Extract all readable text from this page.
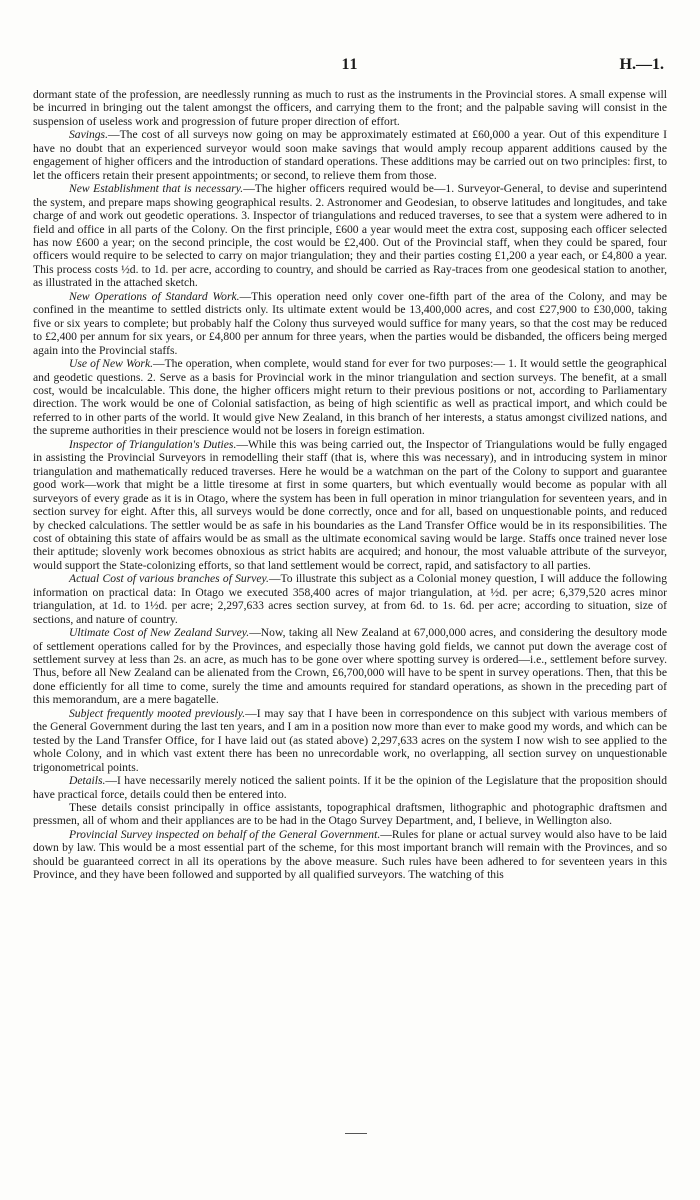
11	H.—1.

dormant state of the profession, are needlessly running as much to rust as the instruments in the Provincial stores. A small expense will be incurred in bringing out the talent amongst the officers, and carrying them to the front; and the palpable saving will consist in the suspension of useless work and progression of future proper direction of effort.

Savings.—The cost of all surveys now going on may be approximately estimated at £60,000 a year. Out of this expenditure I have no doubt that an experienced surveyor would soon make savings that would amply recoup apparent additions caused by the engagement of higher officers and the introduction of standard operations. These additions may be carried out on two principles: first, to let the officers retain their present appointments; or second, to relieve them from those.

New Establishment that is necessary.—The higher officers required would be—1. Surveyor-General, to devise and superintend the system, and prepare maps showing geographical results. 2. Astronomer and Geodesian, to observe latitudes and longitudes, and take charge of and work out geodetic operations. 3. Inspector of triangulations and reduced traverses, to see that a system were adhered to in field and office in all parts of the Colony. On the first principle, £600 a year would meet the extra cost, supposing each officer selected has now £600 a year; on the second principle, the cost would be £2,400. Out of the Provincial staff, when they could be spared, four officers would require to be selected to carry on major triangulation; they and their parties costing £1,200 a year each, or £4,800 a year. This process costs ½d. to 1d. per acre, according to country, and should be carried as Ray-traces from one geodesical station to another, as illustrated in the attached sketch.

New Operations of Standard Work.—This operation need only cover one-fifth part of the area of the Colony, and may be confined in the meantime to settled districts only. Its ultimate extent would be 13,400,000 acres, and cost £27,900 to £30,000, taking five or six years to complete; but probably half the Colony thus surveyed would suffice for many years, so that the cost may be reduced to £2,400 per annum for six years, or £4,800 per annum for three years, when the parties would be disbanded, the officers being merged again into the Provincial staffs.

Use of New Work.—The operation, when complete, would stand for ever for two purposes:— 1. It would settle the geographical and geodetic questions. 2. Serve as a basis for Provincial work in the minor triangulation and section surveys. The benefit, at a small cost, would be incalculable. This done, the higher officers might return to their previous positions or not, according to Parliamentary direction. The work would be one of Colonial satisfaction, as being of high scientific as well as practical import, and which could be referred to in other parts of the world. It would give New Zealand, in this branch of her interests, a status amongst civilized nations, and the supreme authorities in their prescience would not be losers in foreign estimation.

Inspector of Triangulation's Duties.—While this was being carried out, the Inspector of Triangulations would be fully engaged in assisting the Provincial Surveyors in remodelling their staff (that is, where this was necessary), and in introducing system in minor triangulation and mathematically reduced traverses. Here he would be a watchman on the part of the Colony to support and guarantee good work—work that might be a little tiresome at first in some quarters, but which eventually would become as popular with all surveyors of every grade as it is in Otago, where the system has been in full operation in minor triangulation for seventeen years, and in section survey for eight. After this, all surveys would be done correctly, once and for all, based on unquestionable points, and reduced by checked calculations. The settler would be as safe in his boundaries as the Land Transfer Office would be in its responsibilities. The cost of obtaining this state of affairs would be as small as the ultimate economical saving would be large. Staffs once trained never lose their aptitude; slovenly work becomes obnoxious as strict habits are acquired; and honour, the most valuable attribute of the surveyor, would support the State-colonizing efforts, so that land settlement would be correct, rapid, and satisfactory to all parties.

Actual Cost of various branches of Survey.—To illustrate this subject as a Colonial money question, I will adduce the following information on practical data: In Otago we executed 358,400 acres of major triangulation, at ½d. per acre; 6,379,520 acres minor triangulation, at 1d. to 1½d. per acre; 2,297,633 acres section survey, at from 6d. to 1s. 6d. per acre; according to situation, size of sections, and nature of country.

Ultimate Cost of New Zealand Survey.—Now, taking all New Zealand at 67,000,000 acres, and considering the desultory mode of settlement operations called for by the Provinces, and especially those having gold fields, we cannot put down the average cost of settlement survey at less than 2s. an acre, as much has to be gone over where spotting survey is ordered—i.e., settlement before survey. Thus, before all New Zealand can be alienated from the Crown, £6,700,000 will have to be spent in survey operations. Then, that this be done efficiently for all time to come, surely the time and amounts required for standard operations, as shown in the preceding part of this memorandum, are a mere bagatelle.

Subject frequently mooted previously.—I may say that I have been in correspondence on this subject with various members of the General Government during the last ten years, and I am in a position now more than ever to make good my words, and which can be tested by the Land Transfer Office, for I have laid out (as stated above) 2,297,633 acres on the system I now wish to see applied to the whole Colony, and in which vast extent there has been no unrecordable work, no overlapping, all section survey on unquestionable trigonometrical points.

Details.—I have necessarily merely noticed the salient points. If it be the opinion of the Legislature that the proposition should have practical force, details could then be entered into.

These details consist principally in office assistants, topographical draftsmen, lithographic and photographic draftsmen and pressmen, all of whom and their appliances are to be had in the Otago Survey Department, and, I believe, in Wellington also.

Provincial Survey inspected on behalf of the General Government.—Rules for plane or actual survey would also have to be laid down by law. This would be a most essential part of the scheme, for this most important branch will remain with the Provinces, and so should be guaranteed correct in all its operations by the above measure. Such rules have been adhered to for seventeen years in this Province, and they have been followed and supported by all qualified surveyors. The watching of this
